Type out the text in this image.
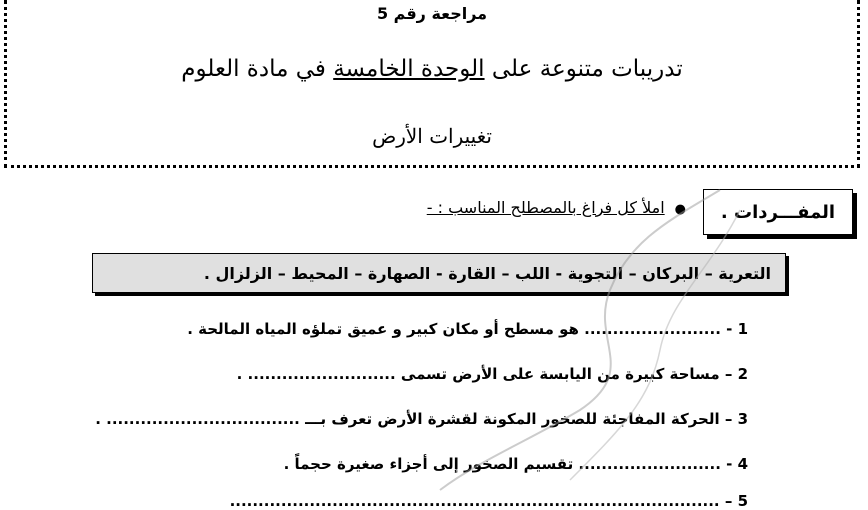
مراجعة رقم 5
تدريبات متنوعة على الوحدة الخامسة في مادة العلوم
تغييرات الأرض
المفـــردات .
●املأ كل فراغ بالمصطلح المناسب : -
التعرية – البركان – التجوية - اللب – القارة - الصهارة – المحيط – الزلزال .
1 - ........................ هو مسطح أو مكان كبير و عميق تملؤه المياه المالحة .
2 – مساحة كبيرة من اليابسة على الأرض تسمى .......................... .
3 – الحركة المفاجئة للصخور المكونة لقشرة الأرض تعرف بـــ .................................. .
4 - ......................... تقسيم الصخور إلى أجزاء صغيرة حجماً .
5 – ......................................................................................
